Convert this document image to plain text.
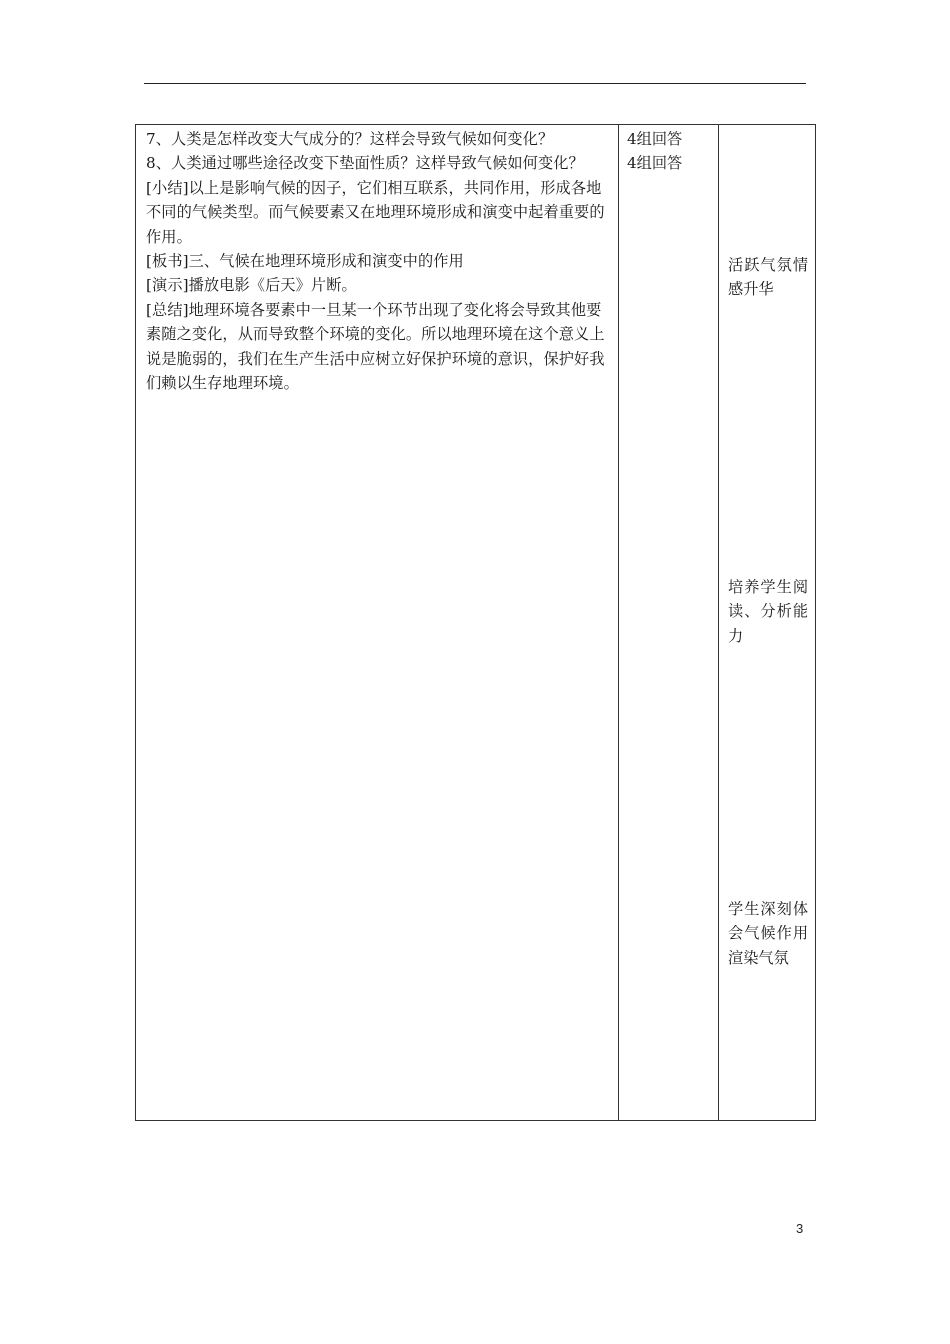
7、人类是怎样改变大气成分的？这样会导致气候如何变化？

8、人类通过哪些途径改变下垫面性质？这样导致气候如何变化？

[小结]以上是影响气候的因子，它们相互联系，共同作用，形成各地不同的气候类型。而气候要素又在地理环境形成和演变中起着重要的作用。

[板书]三、气候在地理环境形成和演变中的作用

[演示]播放电影《后天》片断。

[总结]地理环境各要素中一旦某一个环节出现了变化将会导致其他要素随之变化，从而导致整个环境的变化。所以地理环境在这个意义上说是脆弱的，我们在生产生活中应树立好保护环境的意识，保护好我们赖以生存地理环境。

4组回答

4组回答

活跃气氛情感升华

培养学生阅读、分析能力

学生深刻体会气候作用渲染气氛

3
